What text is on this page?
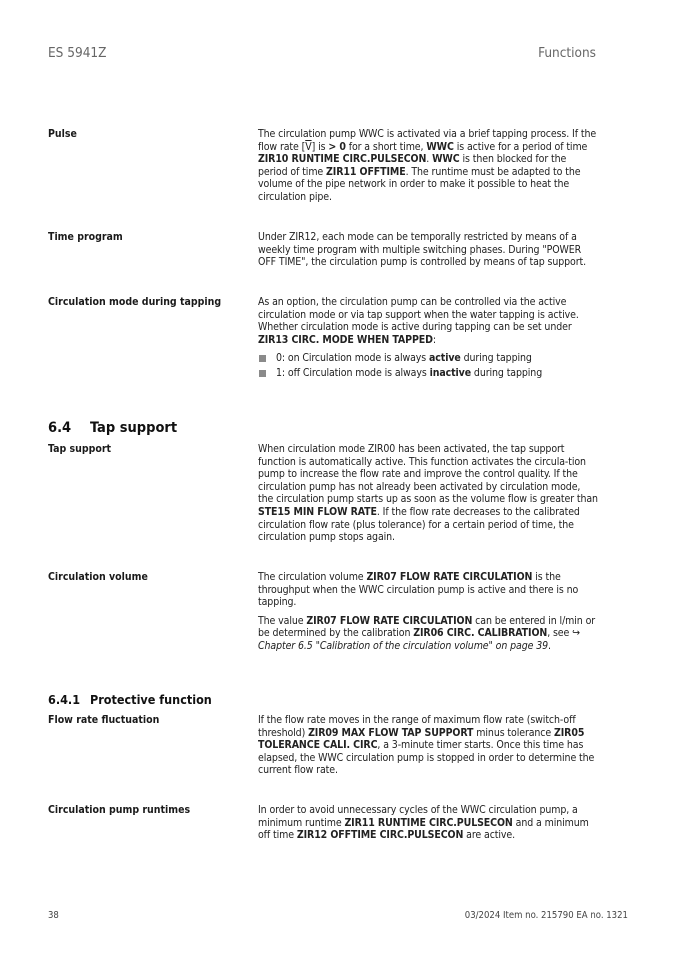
ES 5941Z	Functions
Pulse	The circulation pump WWC is activated via a brief tapping process. If the flow rate $[\overline{V}]$ is > 0 for a short time, WWC is active for a period of time ZIR10 RUNTIME CIRC.PULSECON. WWC is then blocked for the period of time ZIR11 OFFTIME. The runtime must be adapted to the volume of the pipe network in order to make it possible to heat the circulation pipe.

Time program	Under ZIR12, each mode can be temporally restricted by means of a weekly time program with multiple switching phases. During "POWER OFF TIME", the circulation pump is controlled by means of tap support.

Circulation mode during tapping	As an option, the circulation pump can be controlled via the active circulation mode or via tap support when the water tapping is active. Whether circulation mode is active during tapping can be set under ZIR13 CIRC. MODE WHEN TAPPED:

0: on Circulation mode is always active during tapping
1: off Circulation mode is always inactive during tapping
6.4 Tap support
Tap support	When circulation mode ZIR00 has been activated, the tap support function is automatically active. This function activates the circula-tion pump to increase the flow rate and improve the control quality. If the circulation pump has not already been activated by circulation mode, the circulation pump starts up as soon as the volume flow is greater than STE15 MIN FLOW RATE. If the flow rate decreases to the calibrated circulation flow rate (plus tolerance) for a certain period of time, the circulation pump stops again.

Circulation volume	The circulation volume ZIR07 FLOW RATE CIRCULATION is the throughput when the WWC circulation pump is active and there is no tapping.

The value ZIR07 FLOW RATE CIRCULATION can be entered in l/min or be determined by the calibration ZIR06 CIRC. CALIBRATION, see ↪ Chapter 6.5 "Calibration of the circulation volume" on page 39.

6.4.1 Protective function
Flow rate fluctuation	If the flow rate moves in the range of maximum flow rate (switch-off threshold) ZIR09 MAX FLOW TAP SUPPORT minus tolerance ZIR05 TOLERANCE CALI. CIRC, a 3-minute timer starts. Once this time has elapsed, the WWC circulation pump is stopped in order to determine the current flow rate.

Circulation pump runtimes	In order to avoid unnecessary cycles of the WWC circulation pump, a minimum runtime ZIR11 RUNTIME CIRC.PULSECON and a minimum off time ZIR12 OFFTIME CIRC.PULSECON are active.

38	03/2024 Item no. 215790 EA no. 1321
